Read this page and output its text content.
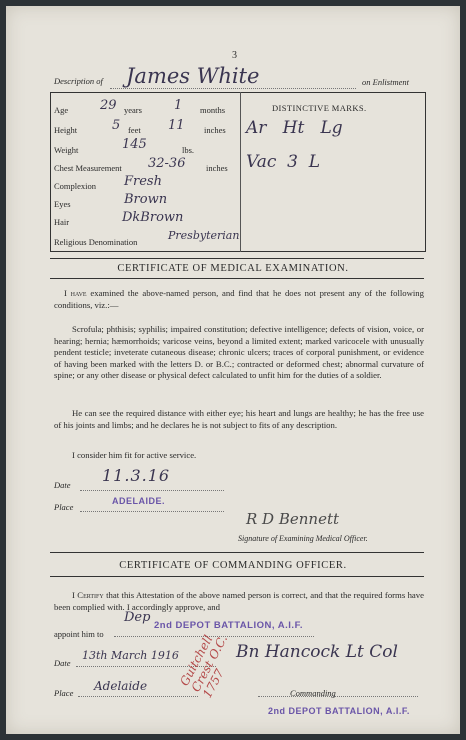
3
Description of James White	on Enlistment
Age 29 years 1 months
Height	5 feet 11 inches
Weight	145	lbs.
Chest Measurement 32-36 inches
Complexion Fresh
Eyes	Brown
Hair	DkBrown
Religious Denomination	Presbyterian
DISTINCTIVE MARKS.
Ar   Ht   Lg
Vac  3  L
CERTIFICATE OF MEDICAL EXAMINATION.
I have examined the above-named person, and find that he does not present any of the following conditions, viz.:—
Scrofula; phthisis; syphilis; impaired constitution; defective intelligence; defects of vision, voice, or hearing; hernia; hæmorrhoids; varicose veins, beyond a limited extent; marked varicocele with unusually pendent testicle; inveterate cutaneous disease; chronic ulcers; traces of corporal punishment, or evidence of having been marked with the letters D. or B.C.; contracted or deformed chest; abnormal curvature of spine; or any other disease or physical defect calculated to unfit him for the duties of a soldier.
He can see the required distance with either eye; his heart and lungs are healthy; he has the free use of his joints and limbs; and he declares he is not subject to fits of any description.
I consider him fit for active service.
Date 11.3.16
Place
ADELAIDE.
R D Bennett
Signature of Examining Medical Officer.
CERTIFICATE OF COMMANDING OFFICER.
I Certify that this Attestation of the above named person is correct, and that the required forms have been complied with. I accordingly approve, and
appoint him to
Dep
2nd DEPOT BATTALION, A.I.F.
Date
13th March 1916	Bn Hancock Lt Col
Place Adelaide	Commanding
2nd DEPOT BATTALION, A.I.F.
Guitchell Crest O.C. 1757
